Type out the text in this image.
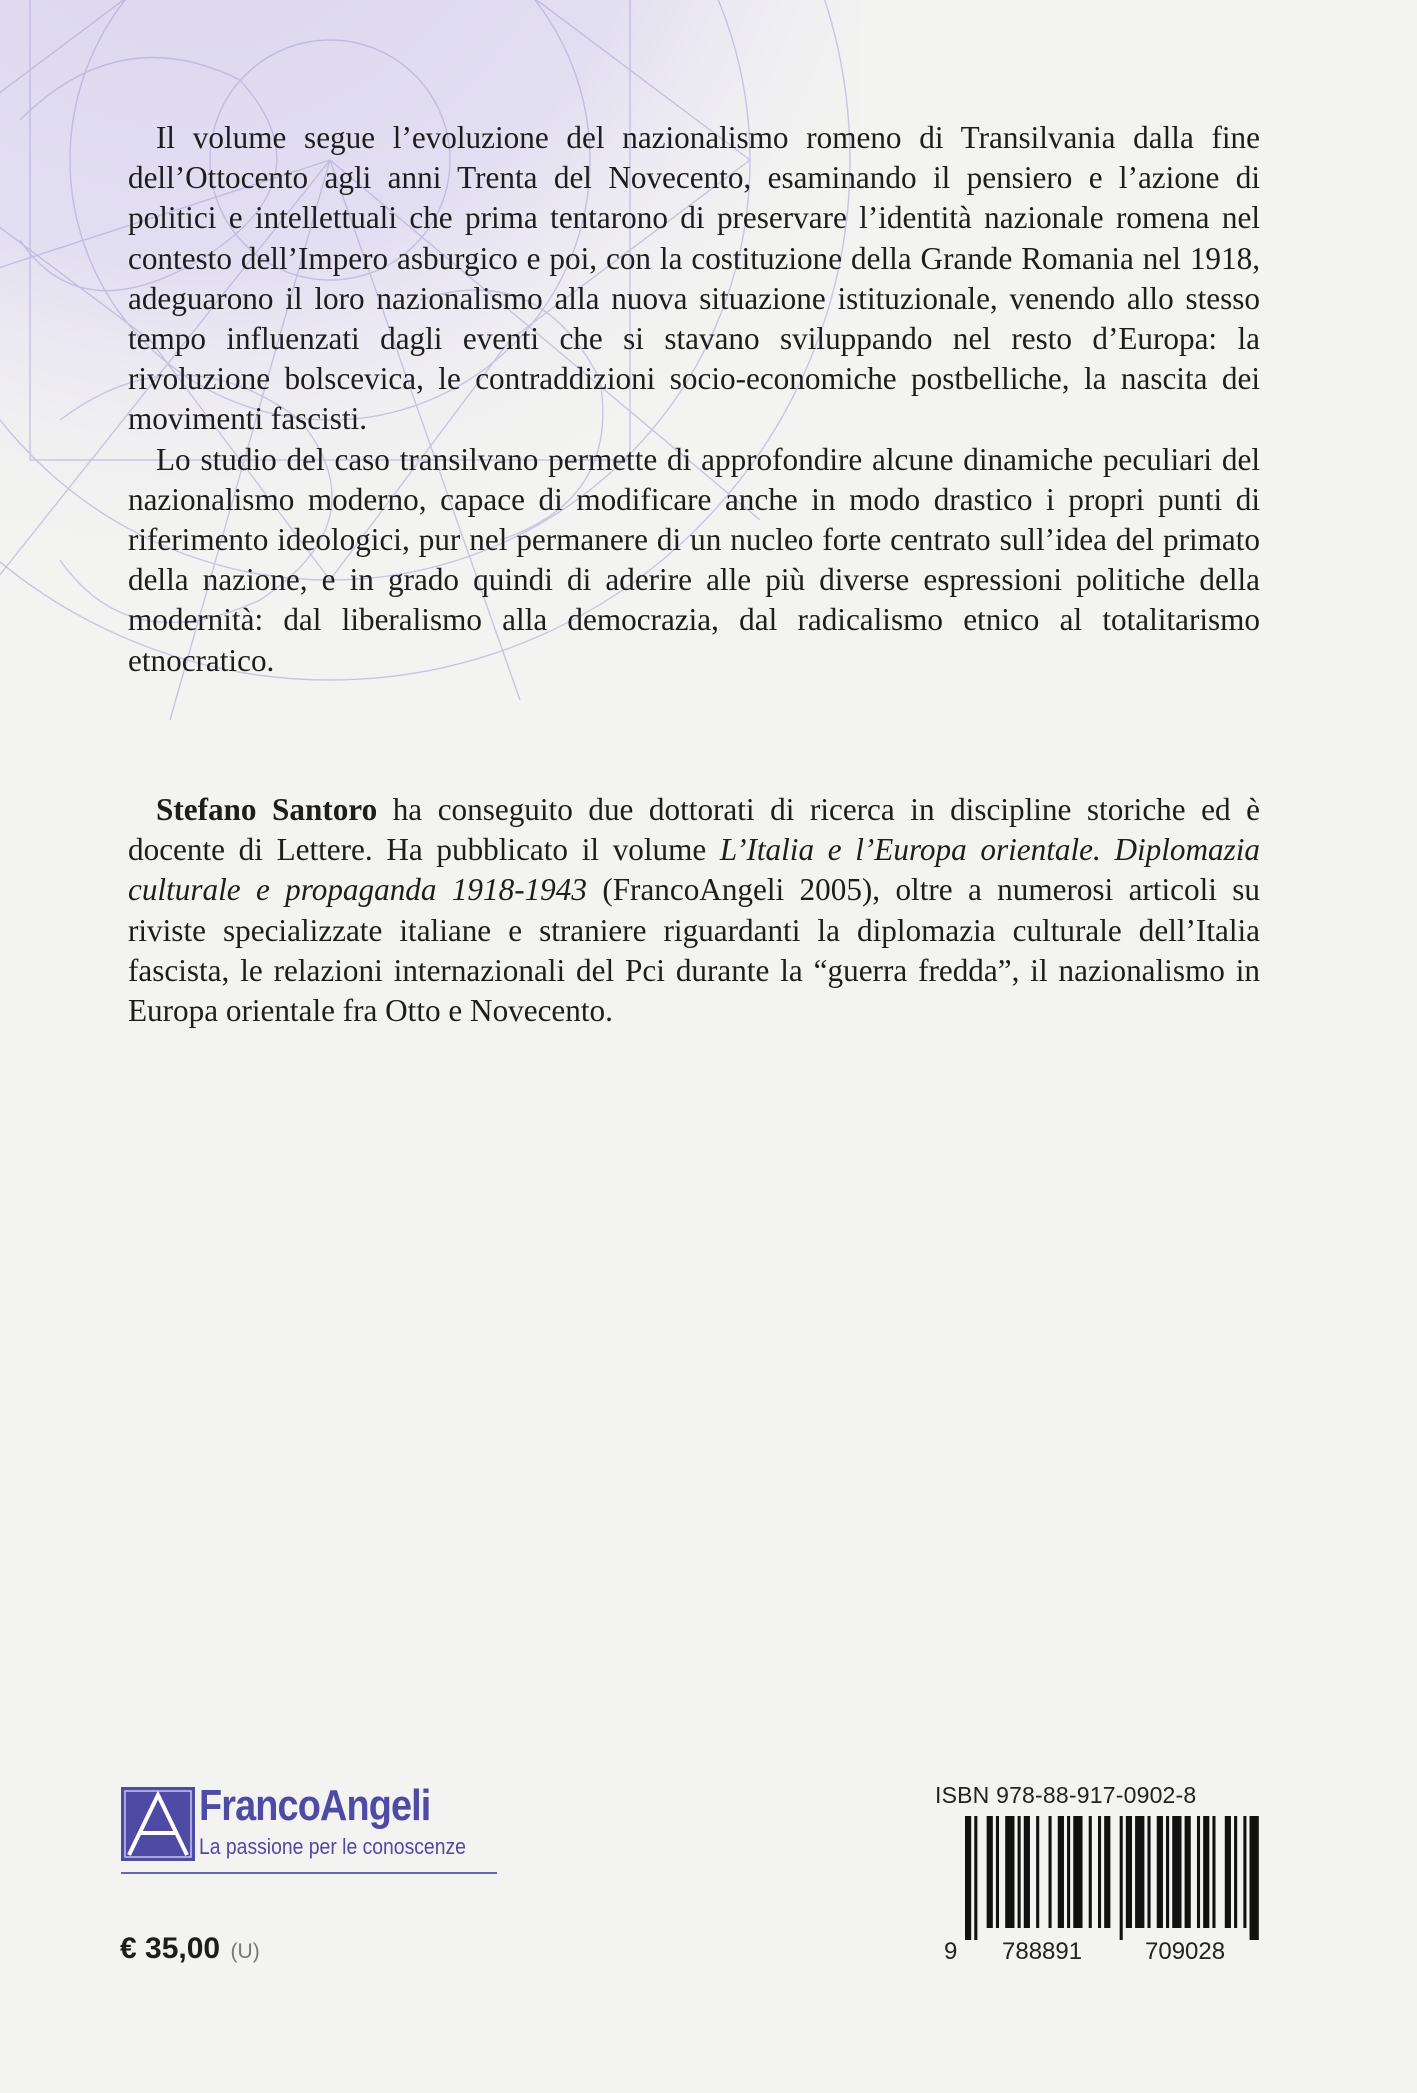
Il volume segue l’evoluzione del nazionalismo romeno di Transilvania dalla fine dell’Ottocento agli anni Trenta del Novecento, esaminando il pensiero e l’azione di politici e intellettuali che prima tentarono di preservare l’identità nazionale romena nel contesto dell’Impero asburgico e poi, con la costituzione della Grande Romania nel 1918, adeguarono il loro nazionalismo alla nuova situazione istituzionale, venendo allo stesso tempo influenzati dagli eventi che si stavano sviluppando nel resto d’Europa: la rivoluzione bolscevica, le contraddizioni socio-economiche postbelliche, la nascita dei movimenti fascisti.

Lo studio del caso transilvano permette di approfondire alcune dinamiche peculiari del nazionalismo moderno, capace di modificare anche in modo drastico i propri punti di riferimento ideologici, pur nel permanere di un nucleo forte centrato sull’idea del primato della nazione, e in grado quindi di aderire alle più diverse espressioni politiche della modernità: dal liberalismo alla democrazia, dal radicalismo etnico al totalitarismo etnocratico.

Stefano Santoro ha conseguito due dottorati di ricerca in discipline storiche ed è docente di Lettere. Ha pubblicato il volume L’Italia e l’Europa orientale. Diplomazia culturale e propaganda 1918-1943 (FrancoAngeli 2005), oltre a numerosi articoli su riviste specializzate italiane e straniere riguardanti la diplomazia culturale dell’Italia fascista, le relazioni internazionali del Pci durante la “guerra fredda”, il nazionalismo in Europa orientale fra Otto e Novecento.

FrancoAngeli
La passione per le conoscenze
€ 35,00 (U)
ISBN 978-88-917-0902-8
9 788891	709028
